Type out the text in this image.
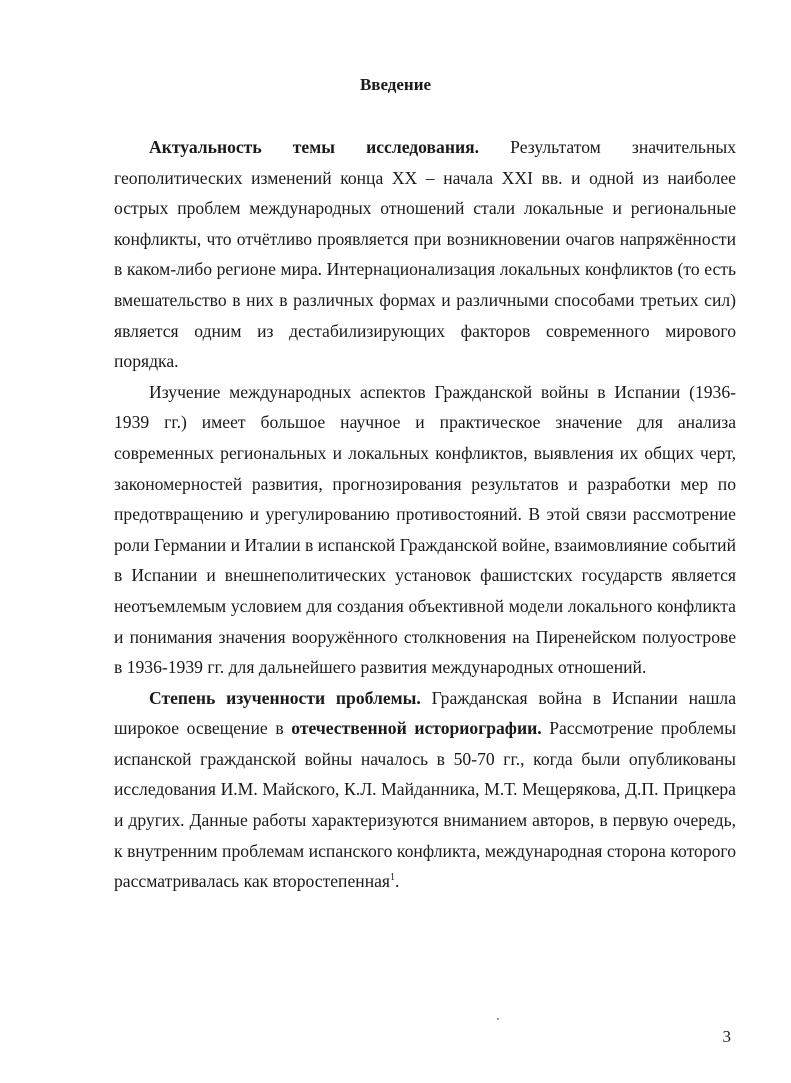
Введение

Актуальность темы исследования. Результатом значительных геополитических изменений конца XX – начала XXI вв. и одной из наиболее острых проблем международных отношений стали локальные и региональные конфликты, что отчётливо проявляется при возникновении очагов напряжённости в каком-либо регионе мира. Интернационализация локальных конфликтов (то есть вмешательство в них в различных формах и различными способами третьих сил) является одним из дестабилизирующих факторов современного мирового порядка.

Изучение международных аспектов Гражданской войны в Испании (1936-1939 гг.) имеет большое научное и практическое значение для анализа современных региональных и локальных конфликтов, выявления их общих черт, закономерностей развития, прогнозирования результатов и разработки мер по предотвращению и урегулированию противостояний. В этой связи рассмотрение роли Германии и Италии в испанской Гражданской войне, взаимовлияние событий в Испании и внешнеполитических установок фашистских государств является неотъемлемым условием для создания объективной модели локального конфликта и понимания значения вооружённого столкновения на Пиренейском полуострове в 1936-1939 гг. для дальнейшего развития международных отношений.

Степень изученности проблемы. Гражданская война в Испании нашла широкое освещение в отечественной историографии. Рассмотрение проблемы испанской гражданской войны началось в 50-70 гг., когда были опубликованы исследования И.М. Майского, К.Л. Майданника, М.Т. Мещерякова, Д.П. Прицкера и других. Данные работы характеризуются вниманием авторов, в первую очередь, к внутренним проблемам испанского конфликта, международная сторона которого рассматривалась как второстепенная$^1$.

3
